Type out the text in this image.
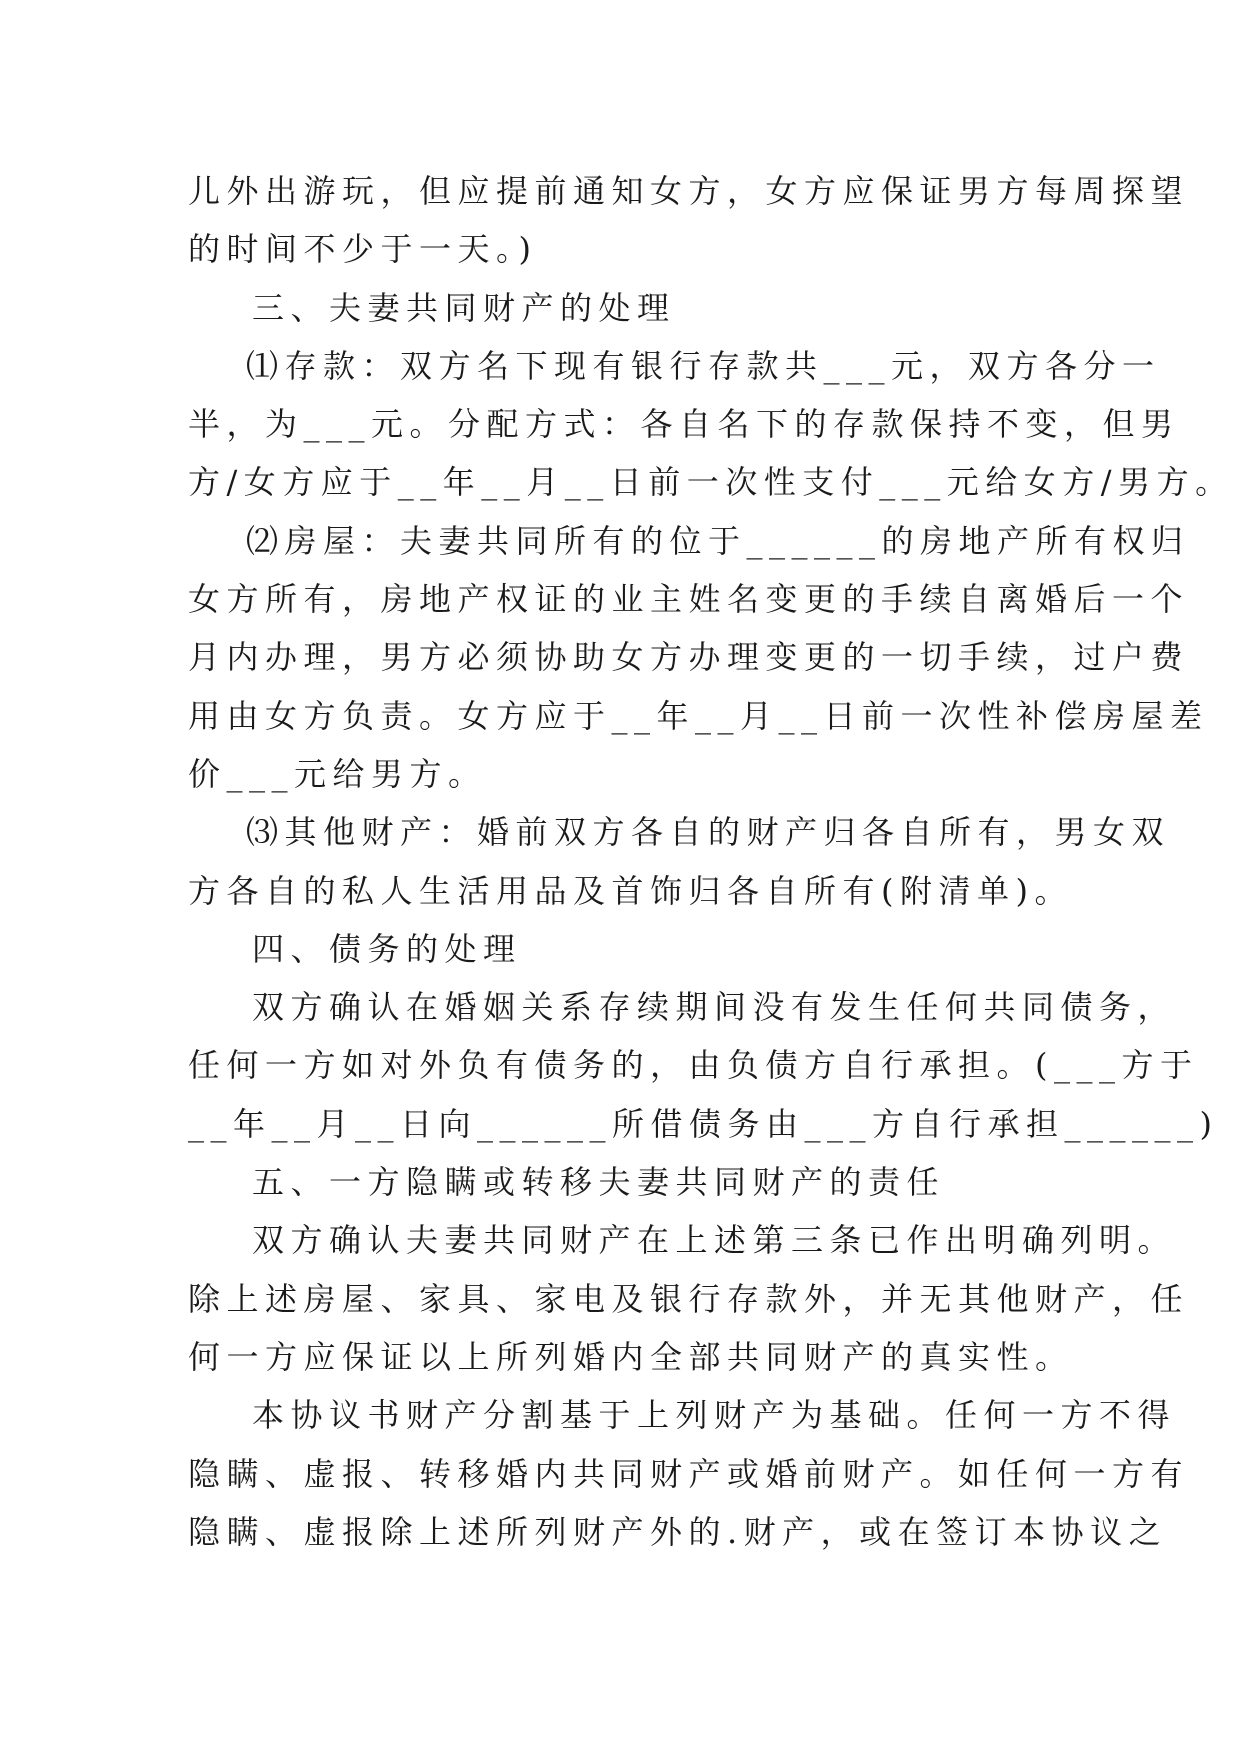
儿外出游玩，但应提前通知女方，女方应保证男方每周探望
的时间不少于一天。)
三、夫妻共同财产的处理
⑴存款：双方名下现有银行存款共___元，双方各分一
半，为___元。分配方式：各自名下的存款保持不变，但男
方/女方应于__年__月__日前一次性支付___元给女方/男方。
⑵房屋：夫妻共同所有的位于______的房地产所有权归
女方所有，房地产权证的业主姓名变更的手续自离婚后一个
月内办理，男方必须协助女方办理变更的一切手续，过户费
用由女方负责。女方应于__年__月__日前一次性补偿房屋差
价___元给男方。
⑶其他财产：婚前双方各自的财产归各自所有，男女双
方各自的私人生活用品及首饰归各自所有(附清单)。
四、债务的处理
双方确认在婚姻关系存续期间没有发生任何共同债务，
任何一方如对外负有债务的，由负债方自行承担。(___方于
__年__月__日向______所借债务由___方自行承担______)
五、一方隐瞒或转移夫妻共同财产的责任
双方确认夫妻共同财产在上述第三条已作出明确列明。
除上述房屋、家具、家电及银行存款外，并无其他财产，任
何一方应保证以上所列婚内全部共同财产的真实性。
本协议书财产分割基于上列财产为基础。任何一方不得
隐瞒、虚报、转移婚内共同财产或婚前财产。如任何一方有
隐瞒、虚报除上述所列财产外的.财产，或在签订本协议之
